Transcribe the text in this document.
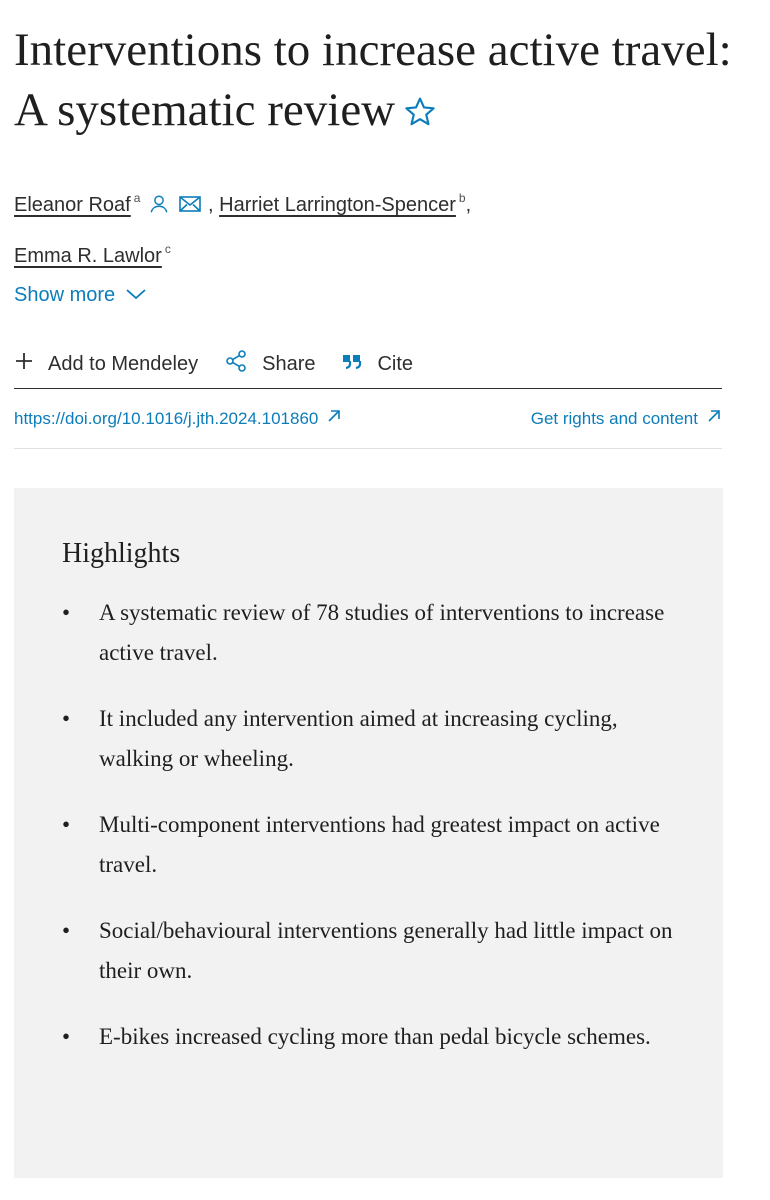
Interventions to increase active travel: A systematic review
Eleanor Roaf $^a$	, Harriet Larrington-Spencer $^b$,
Emma R. Lawlor $^c$
Show more
Add to Mendeley	Share	Cite
https://doi.org/10.1016/j.jth.2024.101860	Get rights and content
Highlights
• A systematic review of 78 studies of interventions to increase active travel.
• It included any intervention aimed at increasing cycling, walking or wheeling.
• Multi-component interventions had greatest impact on active travel.
• Social/behavioural interventions generally had little impact on their own.
• E-bikes increased cycling more than pedal bicycle schemes.
